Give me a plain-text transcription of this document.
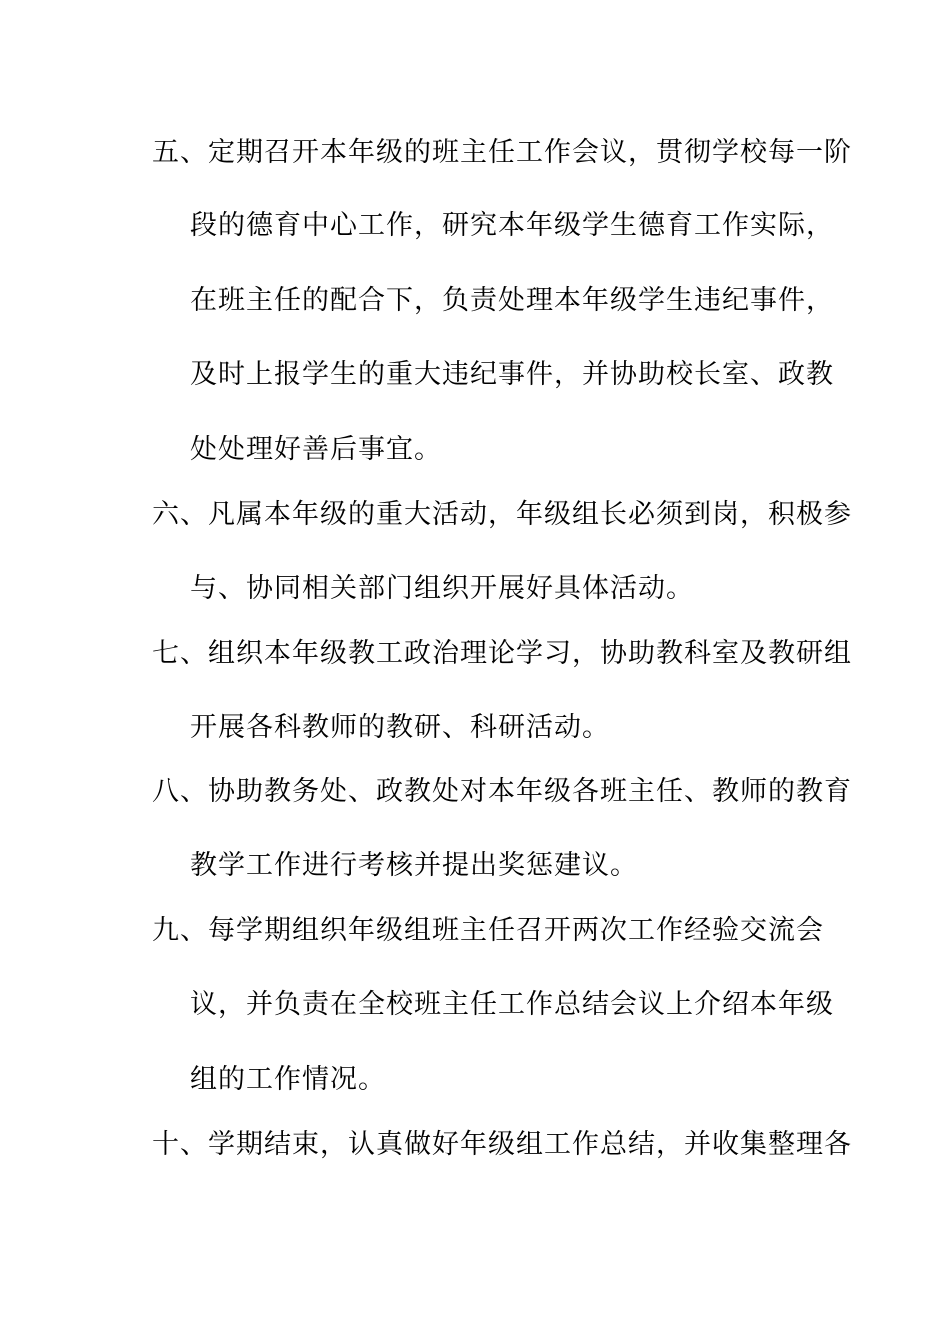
五、定期召开本年级的班主任工作会议，贯彻学校每一阶
段的德育中心工作，研究本年级学生德育工作实际，
在班主任的配合下，负责处理本年级学生违纪事件，
及时上报学生的重大违纪事件，并协助校长室、政教
处处理好善后事宜。
六、凡属本年级的重大活动，年级组长必须到岗，积极参
与、协同相关部门组织开展好具体活动。
七、组织本年级教工政治理论学习，协助教科室及教研组
开展各科教师的教研、科研活动。
八、协助教务处、政教处对本年级各班主任、教师的教育
教学工作进行考核并提出奖惩建议。
九、每学期组织年级组班主任召开两次工作经验交流会
议，并负责在全校班主任工作总结会议上介绍本年级
组的工作情况。
十、学期结束，认真做好年级组工作总结，并收集整理各
